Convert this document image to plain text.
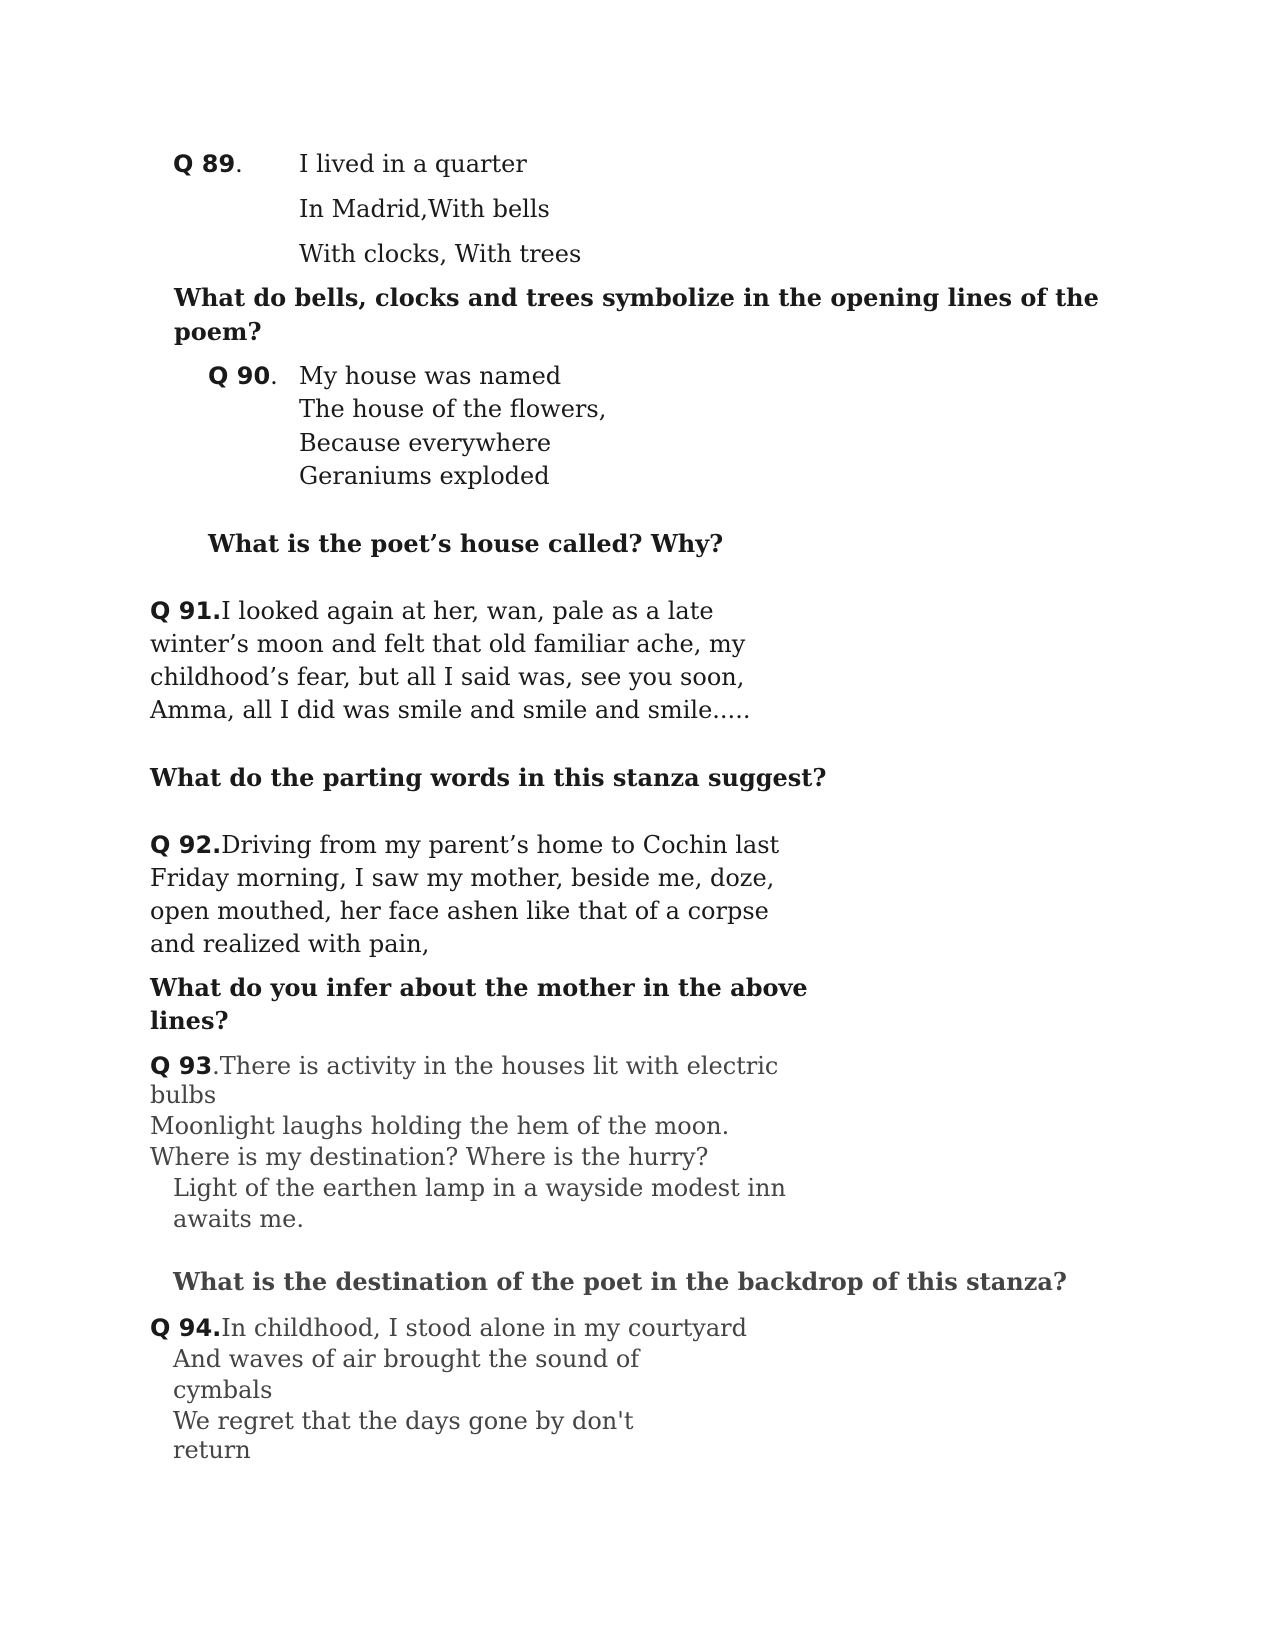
Q 89. I lived in a quarter
In Madrid,With bells
With clocks, With trees
What do bells, clocks and trees symbolize in the opening lines of the
poem?
Q 90. My house was named
The house of the flowers,
Because everywhere
Geraniums exploded
What is the poet’s house called? Why?
Q 91.I looked again at her, wan, pale as a late
winter’s moon and felt that old familiar ache, my
childhood’s fear, but all I said was, see you soon,
Amma, all I did was smile and smile and smile.....
What do the parting words in this stanza suggest?
Q 92.Driving from my parent’s home to Cochin last
Friday morning, I saw my mother, beside me, doze,
open mouthed, her face ashen like that of a corpse
and realized with pain,
What do you infer about the mother in the above
lines?
Q 93.There is activity in the houses lit with electric
bulbs
Moonlight laughs holding the hem of the moon.
Where is my destination? Where is the hurry?
Light of the earthen lamp in a wayside modest inn
awaits me.
What is the destination of the poet in the backdrop of this stanza?
Q 94.In childhood, I stood alone in my courtyard
And waves of air brought the sound of
cymbals
We regret that the days gone by don't
return
